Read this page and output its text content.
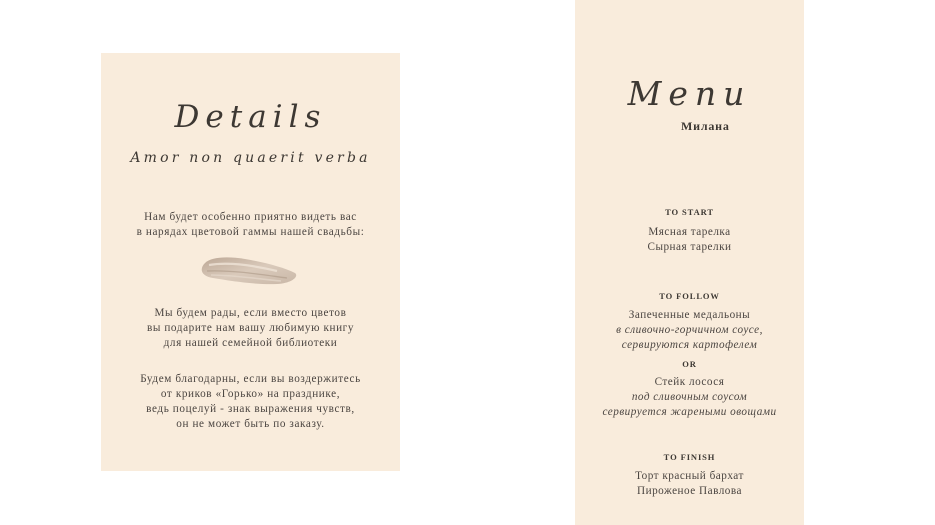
Details
Amor non quaerit verba
Нам будет особенно приятно видеть вас
в нарядах цветовой гаммы нашей свадьбы:
Мы будем рады, если вместо цветов
вы подарите нам вашу любимую книгу
для нашей семейной библиотеки
Будем благодарны, если вы воздержитесь
от криков «Горько» на празднике,
ведь поцелуй - знак выражения чувств,
он не может быть по заказу.
Menu
Милана
TO START
Мясная тарелка
Сырная тарелки
TO FOLLOW
Запеченные медальоны
в сливочно-горчичном соусе,
сервируются картофелем
OR
Стейк лосося
под сливочным соусом
сервируется жареными овощами
TO FINISH
Торт красный бархат
Пироженое Павлова
